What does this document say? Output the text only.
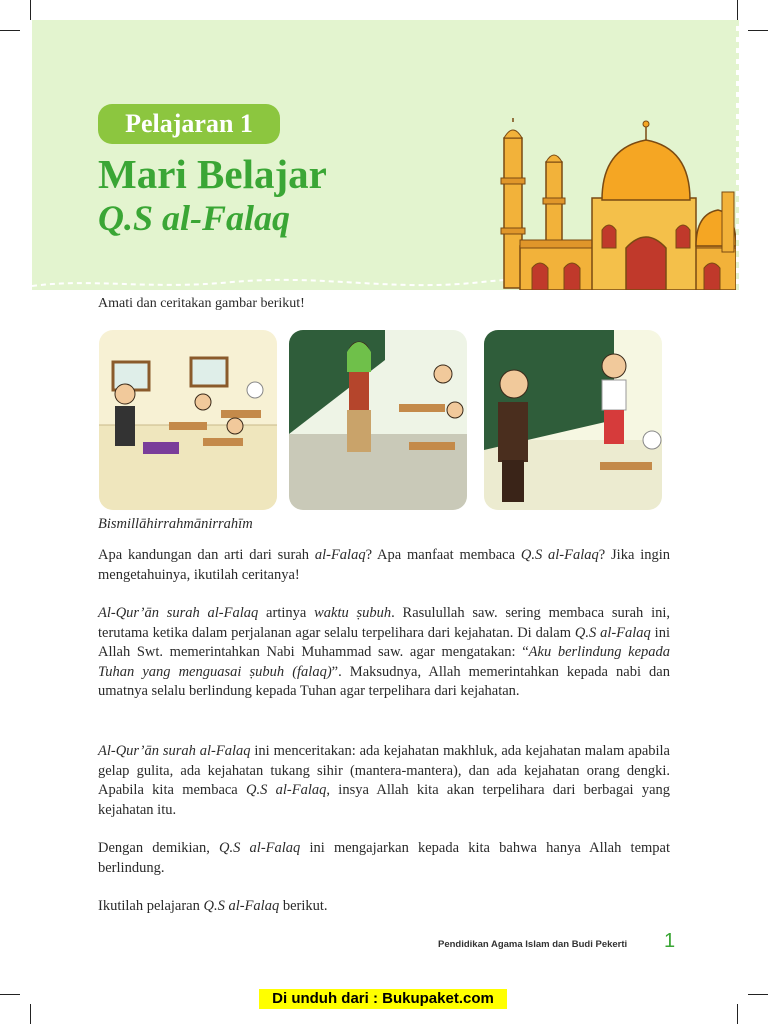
Pelajaran 1
Mari Belajar
Q.S al-Falaq
Amati dan ceritakan gambar berikut!
Bismillāhirrahmānirrahīm
Apa kandungan dan arti dari surah al-Falaq? Apa manfaat membaca Q.S al-Falaq? Jika ingin mengetahuinya, ikutilah ceritanya!
Al-Qur’ān surah al-Falaq artinya waktu ṣubuh. Rasulullah saw. sering membaca surah ini, terutama ketika dalam perjalanan agar selalu terpelihara dari kejahatan. Di dalam Q.S al-Falaq ini Allah Swt. memerintahkan Nabi Muhammad saw. agar mengatakan: “Aku berlindung kepada Tuhan yang menguasai ṣubuh (falaq)”. Maksudnya, Allah memerintahkan kepada nabi dan umatnya selalu berlindung kepada Tuhan agar terpelihara dari kejahatan.
Al-Qur’ān surah al-Falaq ini menceritakan: ada kejahatan makhluk, ada kejahatan malam apabila gelap gulita, ada kejahatan tukang sihir (mantera-mantera), dan ada kejahatan orang dengki. Apabila kita membaca Q.S al-Falaq, insya Allah kita akan terpelihara dari berbagai yang kejahatan itu.
Dengan demikian, Q.S al-Falaq ini mengajarkan kepada kita bahwa hanya Allah tempat berlindung.
Ikutilah pelajaran Q.S al-Falaq berikut.
Pendidikan Agama Islam dan Budi Pekerti 1
Di unduh dari : Bukupaket.com
